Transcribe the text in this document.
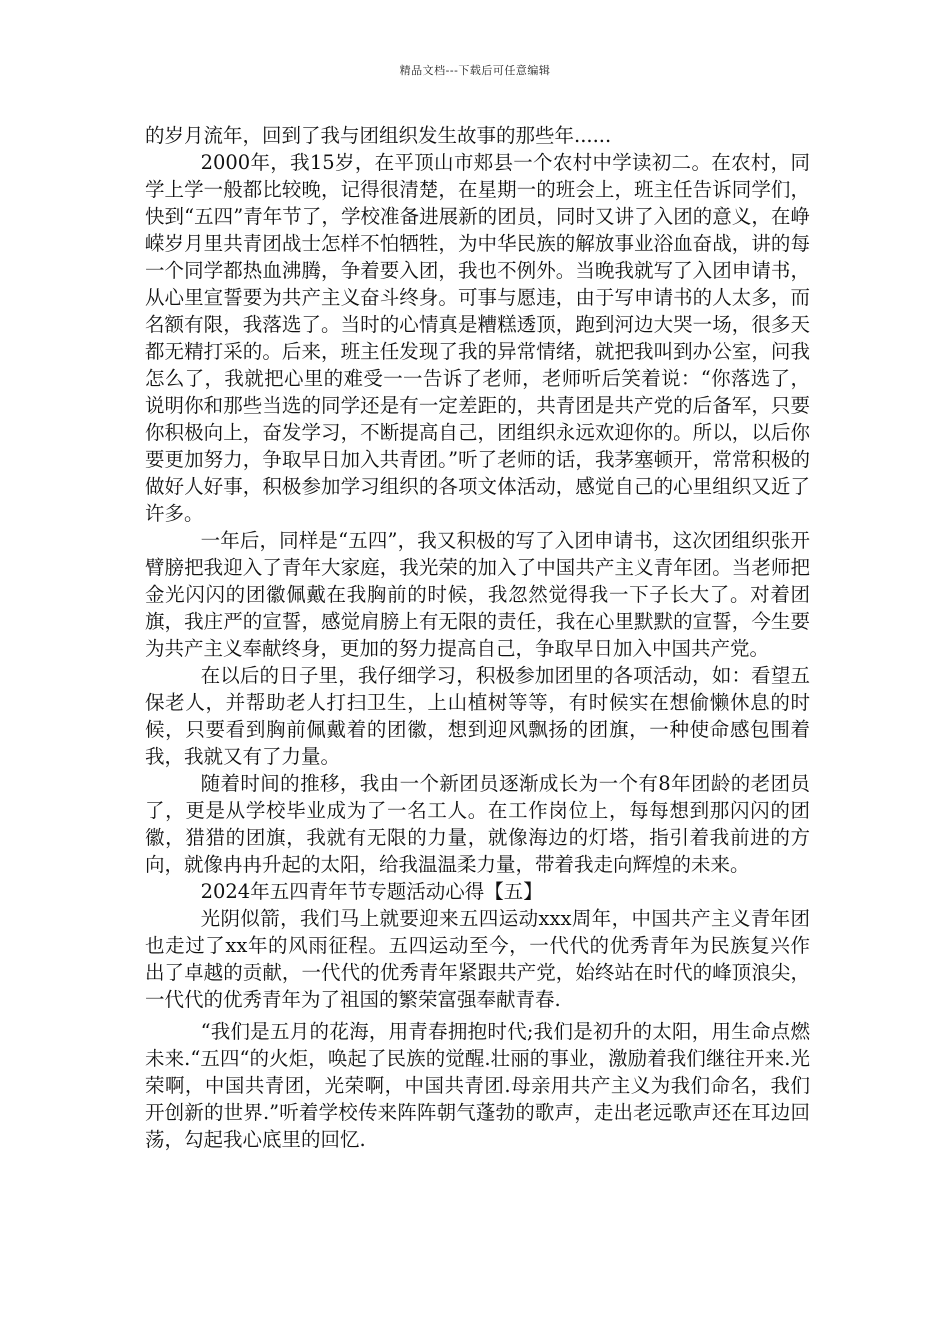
精品文档---下载后可任意编辑

的岁月流年，回到了我与团组织发生故事的那些年......

2000年，我15岁，在平顶山市郏县一个农村中学读初二。在农村，同学上学一般都比较晚，记得很清楚，在星期一的班会上，班主任告诉同学们，快到“五四”青年节了，学校准备进展新的团员，同时又讲了入团的意义，在峥嵘岁月里共青团战士怎样不怕牺牲，为中华民族的解放事业浴血奋战，讲的每一个同学都热血沸腾，争着要入团，我也不例外。当晚我就写了入团申请书，从心里宣誓要为共产主义奋斗终身。可事与愿违，由于写申请书的人太多，而名额有限，我落选了。当时的心情真是糟糕透顶，跑到河边大哭一场，很多天都无精打采的。后来，班主任发现了我的异常情绪，就把我叫到办公室，问我怎么了，我就把心里的难受一一告诉了老师，老师听后笑着说：“你落选了，说明你和那些当选的同学还是有一定差距的，共青团是共产党的后备军，只要你积极向上，奋发学习，不断提高自己，团组织永远欢迎你的。所以，以后你要更加努力，争取早日加入共青团。”听了老师的话，我茅塞顿开，常常积极的做好人好事，积极参加学习组织的各项文体活动，感觉自己的心里组织又近了许多。

一年后，同样是“五四”，我又积极的写了入团申请书，这次团组织张开臂膀把我迎入了青年大家庭，我光荣的加入了中国共产主义青年团。当老师把金光闪闪的团徽佩戴在我胸前的时候，我忽然觉得我一下子长大了。对着团旗，我庄严的宣誓，感觉肩膀上有无限的责任，我在心里默默的宣誓，今生要为共产主义奉献终身，更加的努力提高自己，争取早日加入中国共产党。

在以后的日子里，我仔细学习，积极参加团里的各项活动，如：看望五保老人，并帮助老人打扫卫生，上山植树等等，有时候实在想偷懒休息的时候，只要看到胸前佩戴着的团徽，想到迎风飘扬的团旗，一种使命感包围着我，我就又有了力量。

随着时间的推移，我由一个新团员逐渐成长为一个有8年团龄的老团员了，更是从学校毕业成为了一名工人。在工作岗位上，每每想到那闪闪的团徽，猎猎的团旗，我就有无限的力量，就像海边的灯塔，指引着我前进的方向，就像冉冉升起的太阳，给我温温柔力量，带着我走向辉煌的未来。

2024年五四青年节专题活动心得【五】

光阴似箭，我们马上就要迎来五四运动xxx周年，中国共产主义青年团也走过了xx年的风雨征程。五四运动至今，一代代的优秀青年为民族复兴作出了卓越的贡献，一代代的优秀青年紧跟共产党，始终站在时代的峰顶浪尖，一代代的优秀青年为了祖国的繁荣富强奉献青春.

“我们是五月的花海，用青春拥抱时代;我们是初升的太阳，用生命点燃未来.“五四“的火炬，唤起了民族的觉醒.壮丽的事业，激励着我们继往开来.光荣啊，中国共青团，光荣啊，中国共青团.母亲用共产主义为我们命名，我们开创新的世界.”听着学校传来阵阵朝气蓬勃的歌声，走出老远歌声还在耳边回荡，勾起我心底里的回忆.
